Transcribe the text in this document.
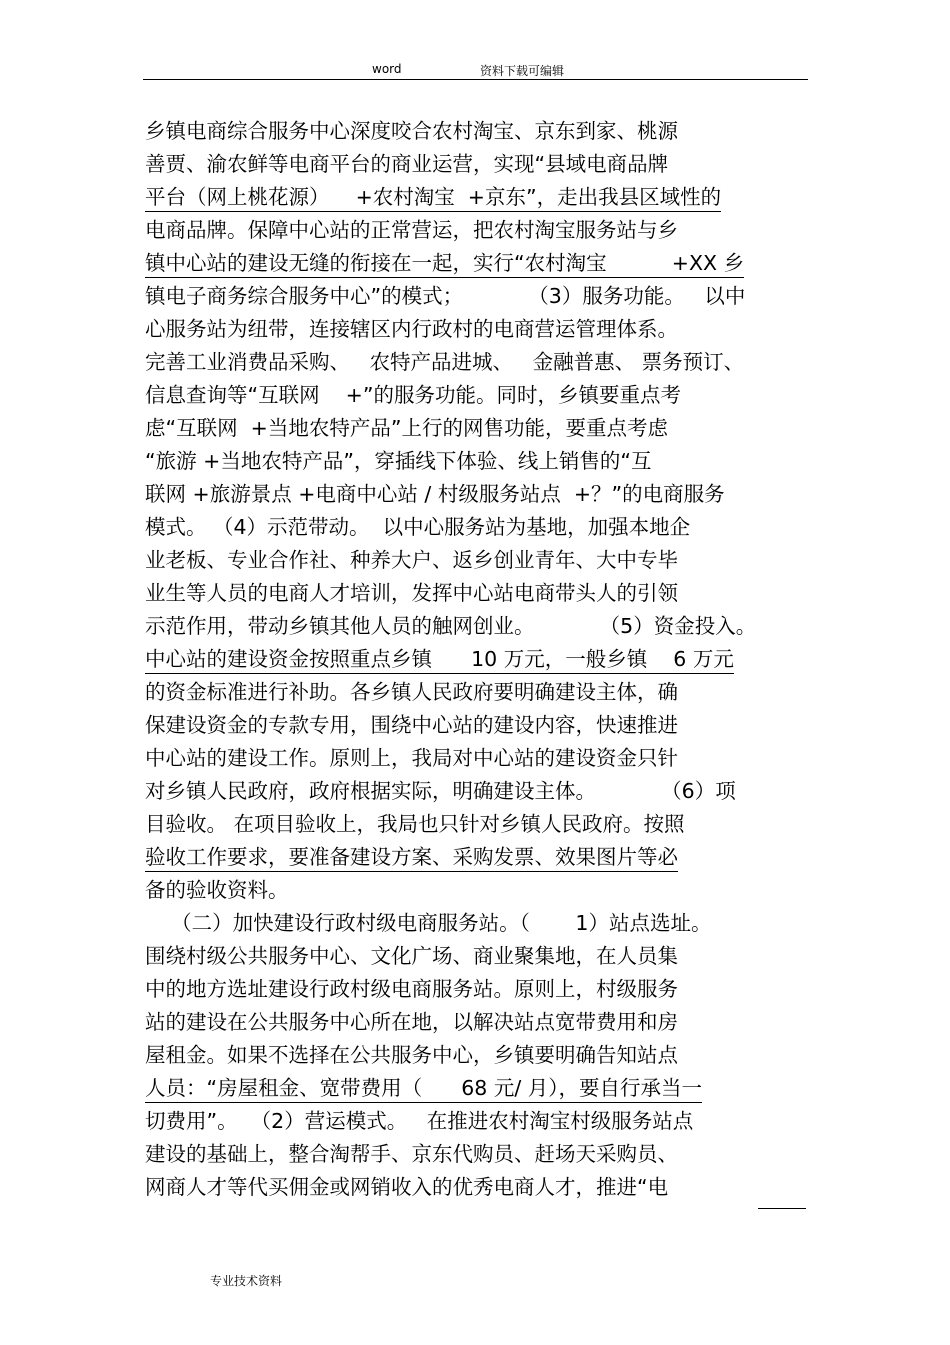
word	资料下载可编辑
乡镇电商综合服务中心深度咬合农村淘宝、京东到家、桃源
善贾、渝农鲜等电商平台的商业运营，实现“县域电商品牌
平台（网上桃花源）    +农村淘宝  +京东”，走出我县区域性的
电商品牌。保障中心站的正常营运，把农村淘宝服务站与乡
镇中心站的建设无缝的衔接在一起，实行“农村淘宝          +XX 乡
镇电子商务综合服务中心”的模式；          （3）服务功能。   以中
心服务站为纽带，连接辖区内行政村的电商营运管理体系。
完善工业消费品采购、   农特产品进城、   金融普惠、 票务预订、
信息查询等“互联网    +”的服务功能。同时，乡镇要重点考
虑“互联网  +当地农特产品”上行的网售功能，要重点考虑
“旅游 +当地农特产品”，穿插线下体验、线上销售的“互
联网 +旅游景点 +电商中心站 / 村级服务站点  +？”的电商服务
模式。 （4）示范带动。  以中心服务站为基地，加强本地企
业老板、专业合作社、种养大户、返乡创业青年、大中专毕
业生等人员的电商人才培训，发挥中心站电商带头人的引领
示范作用，带动乡镇其他人员的触网创业。          （5）资金投入。
中心站的建设资金按照重点乡镇      10 万元，一般乡镇    6 万元
的资金标准进行补助。各乡镇人民政府要明确建设主体，确
保建设资金的专款专用，围绕中心站的建设内容，快速推进
中心站的建设工作。原则上，我局对中心站的建设资金只针
对乡镇人民政府，政府根据实际，明确建设主体。          （6）项
目验收。 在项目验收上，我局也只针对乡镇人民政府。按照
验收工作要求，要准备建设方案、采购发票、效果图片等必
备的验收资料。
（二）加快建设行政村级电商服务站。（       1）站点选址。
围绕村级公共服务中心、文化广场、商业聚集地，在人员集
中的地方选址建设行政村级电商服务站。原则上，村级服务
站的建设在公共服务中心所在地，以解决站点宽带费用和房
屋租金。如果不选择在公共服务中心，乡镇要明确告知站点
人员：“房屋租金、宽带费用（      68 元/ 月），要自行承当一
切费用”。  （2）营运模式。   在推进农村淘宝村级服务站点
建设的基础上，整合淘帮手、京东代购员、赶场天采购员、
网商人才等代买佣金或网销收入的优秀电商人才，推进“电
专业技术资料
